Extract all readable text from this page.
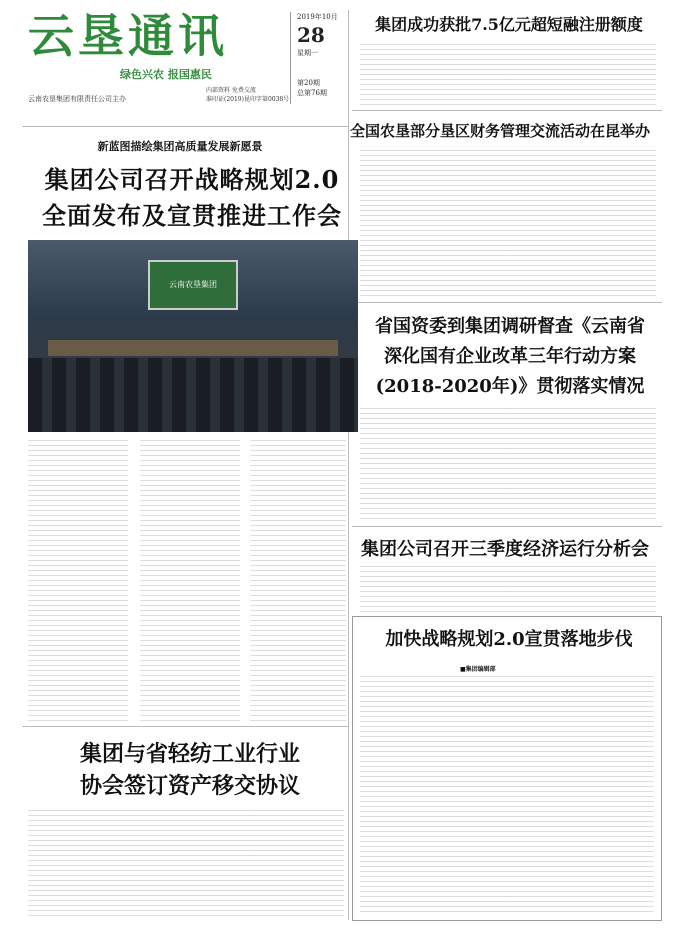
云垦通讯
绿色兴农 报国惠民
云南农垦集团有限责任公司主办
内部资料 免费交流
准印证(2019)昆印字第0038号
2019年10月
28
星期一
第20期
总第76期
新蓝图描绘集团高质量发展新愿景
集团公司召开战略规划2.0
全面发布及宣贯推进工作会
云南农垦集团
集团成功获批7.5亿元超短融注册额度
全国农垦部分垦区财务管理交流活动在昆举办
省国资委到集团调研督查《云南省
深化国有企业改革三年行动方案
(2018-2020年)》贯彻落实情况
集团公司召开三季度经济运行分析会
加快战略规划2.0宣贯落地步伐
■集团编辑部
集团与省轻纺工业行业
协会签订资产移交协议
